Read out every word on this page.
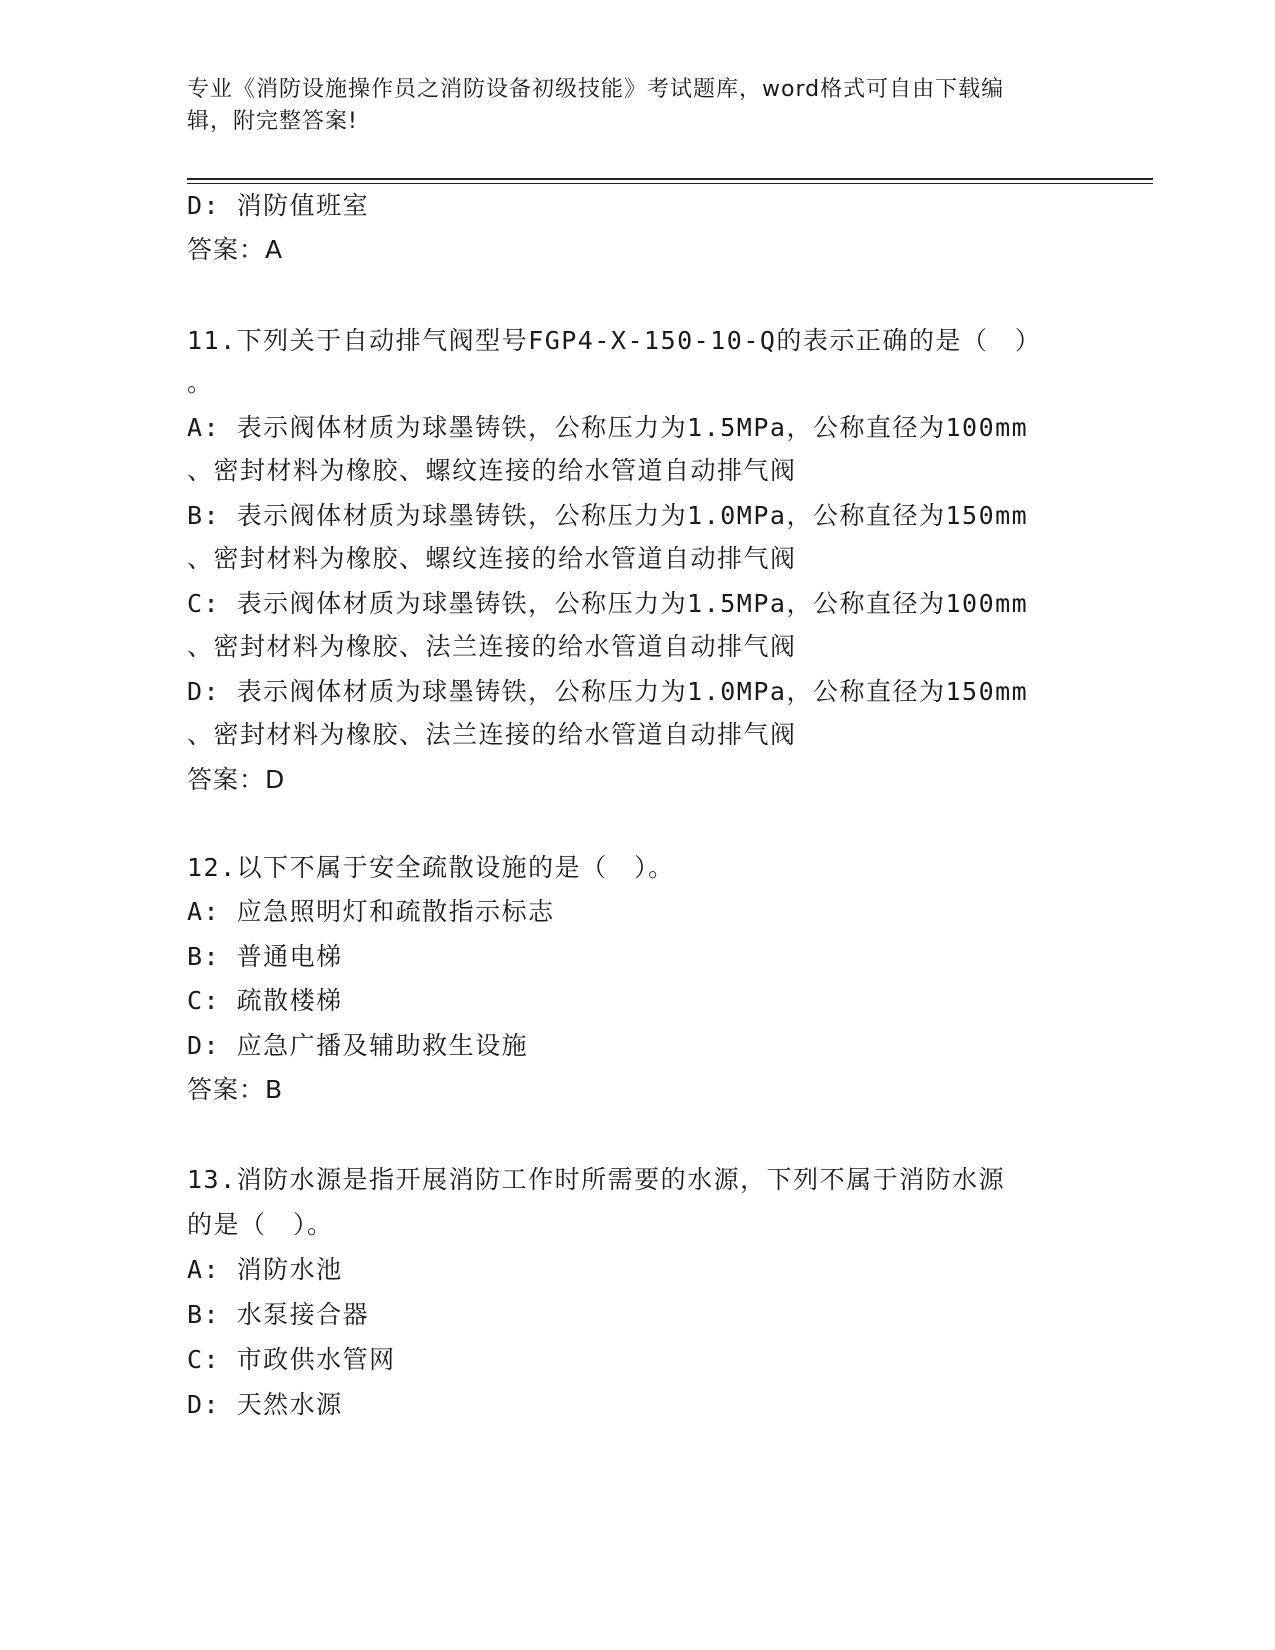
专业《消防设施操作员之消防设备初级技能》考试题库，word格式可自由下载编
辑，附完整答案!

D: 消防值班室

答案：A

11.下列关于自动排气阀型号FGP4-X-150-10-Q的表示正确的是（　）

。

A: 表示阀体材质为球墨铸铁，公称压力为1.5MPa，公称直径为100mm

、密封材料为橡胶、螺纹连接的给水管道自动排气阀

B: 表示阀体材质为球墨铸铁，公称压力为1.0MPa，公称直径为150mm

、密封材料为橡胶、螺纹连接的给水管道自动排气阀

C: 表示阀体材质为球墨铸铁，公称压力为1.5MPa，公称直径为100mm

、密封材料为橡胶、法兰连接的给水管道自动排气阀

D: 表示阀体材质为球墨铸铁，公称压力为1.0MPa，公称直径为150mm

、密封材料为橡胶、法兰连接的给水管道自动排气阀

答案：D

12.以下不属于安全疏散设施的是（　）。

A: 应急照明灯和疏散指示标志

B: 普通电梯

C: 疏散楼梯

D: 应急广播及辅助救生设施

答案：B

13.消防水源是指开展消防工作时所需要的水源，下列不属于消防水源

的是（　）。

A: 消防水池

B: 水泵接合器

C: 市政供水管网

D: 天然水源
